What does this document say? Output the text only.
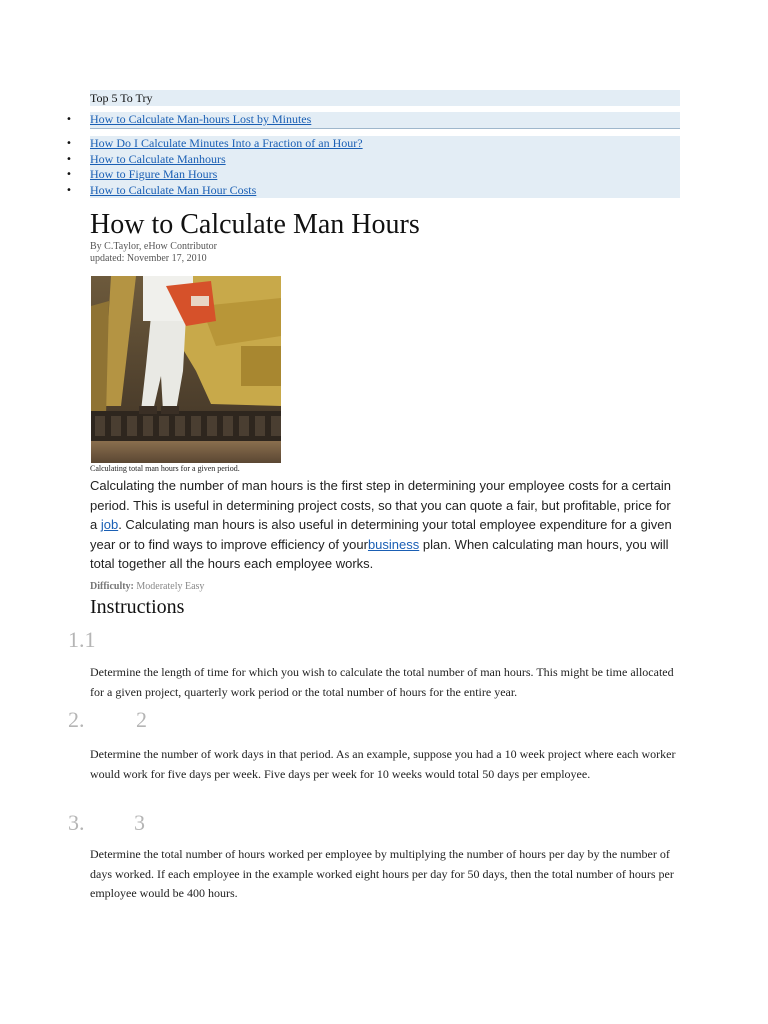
Top 5 To Try
• How to Calculate Man-hours Lost by Minutes
• How Do I Calculate Minutes Into a Fraction of an Hour?
• How to Calculate Manhours
• How to Figure Man Hours
• How to Calculate Man Hour Costs
How to Calculate Man Hours
By C.Taylor, eHow Contributor
updated: November 17, 2010
Calculating total man hours for a given period.

Calculating the number of man hours is the first step in determining your employee costs for a certain period. This is useful in determining project costs, so that you can quote a fair, but profitable, price for a job. Calculating man hours is also useful in determining your total employee expenditure for a given year or to find ways to improve efficiency of yourbusiness plan. When calculating man hours, you will total together all the hours each employee works.

Difficulty: Moderately Easy
Instructions
1.1

Determine the length of time for which you wish to calculate the total number of man hours. This might be time allocated for a given project, quarterly work period or the total number of hours for the entire year.

2. 2

Determine the number of work days in that period. As an example, suppose you had a 10 week project where each worker would work for five days per week. Five days per week for 10 weeks would total 50 days per employee.

3. 3

Determine the total number of hours worked per employee by multiplying the number of hours per day by the number of days worked. If each employee in the example worked eight hours per day for 50 days, then the total number of hours per employee would be 400 hours.
